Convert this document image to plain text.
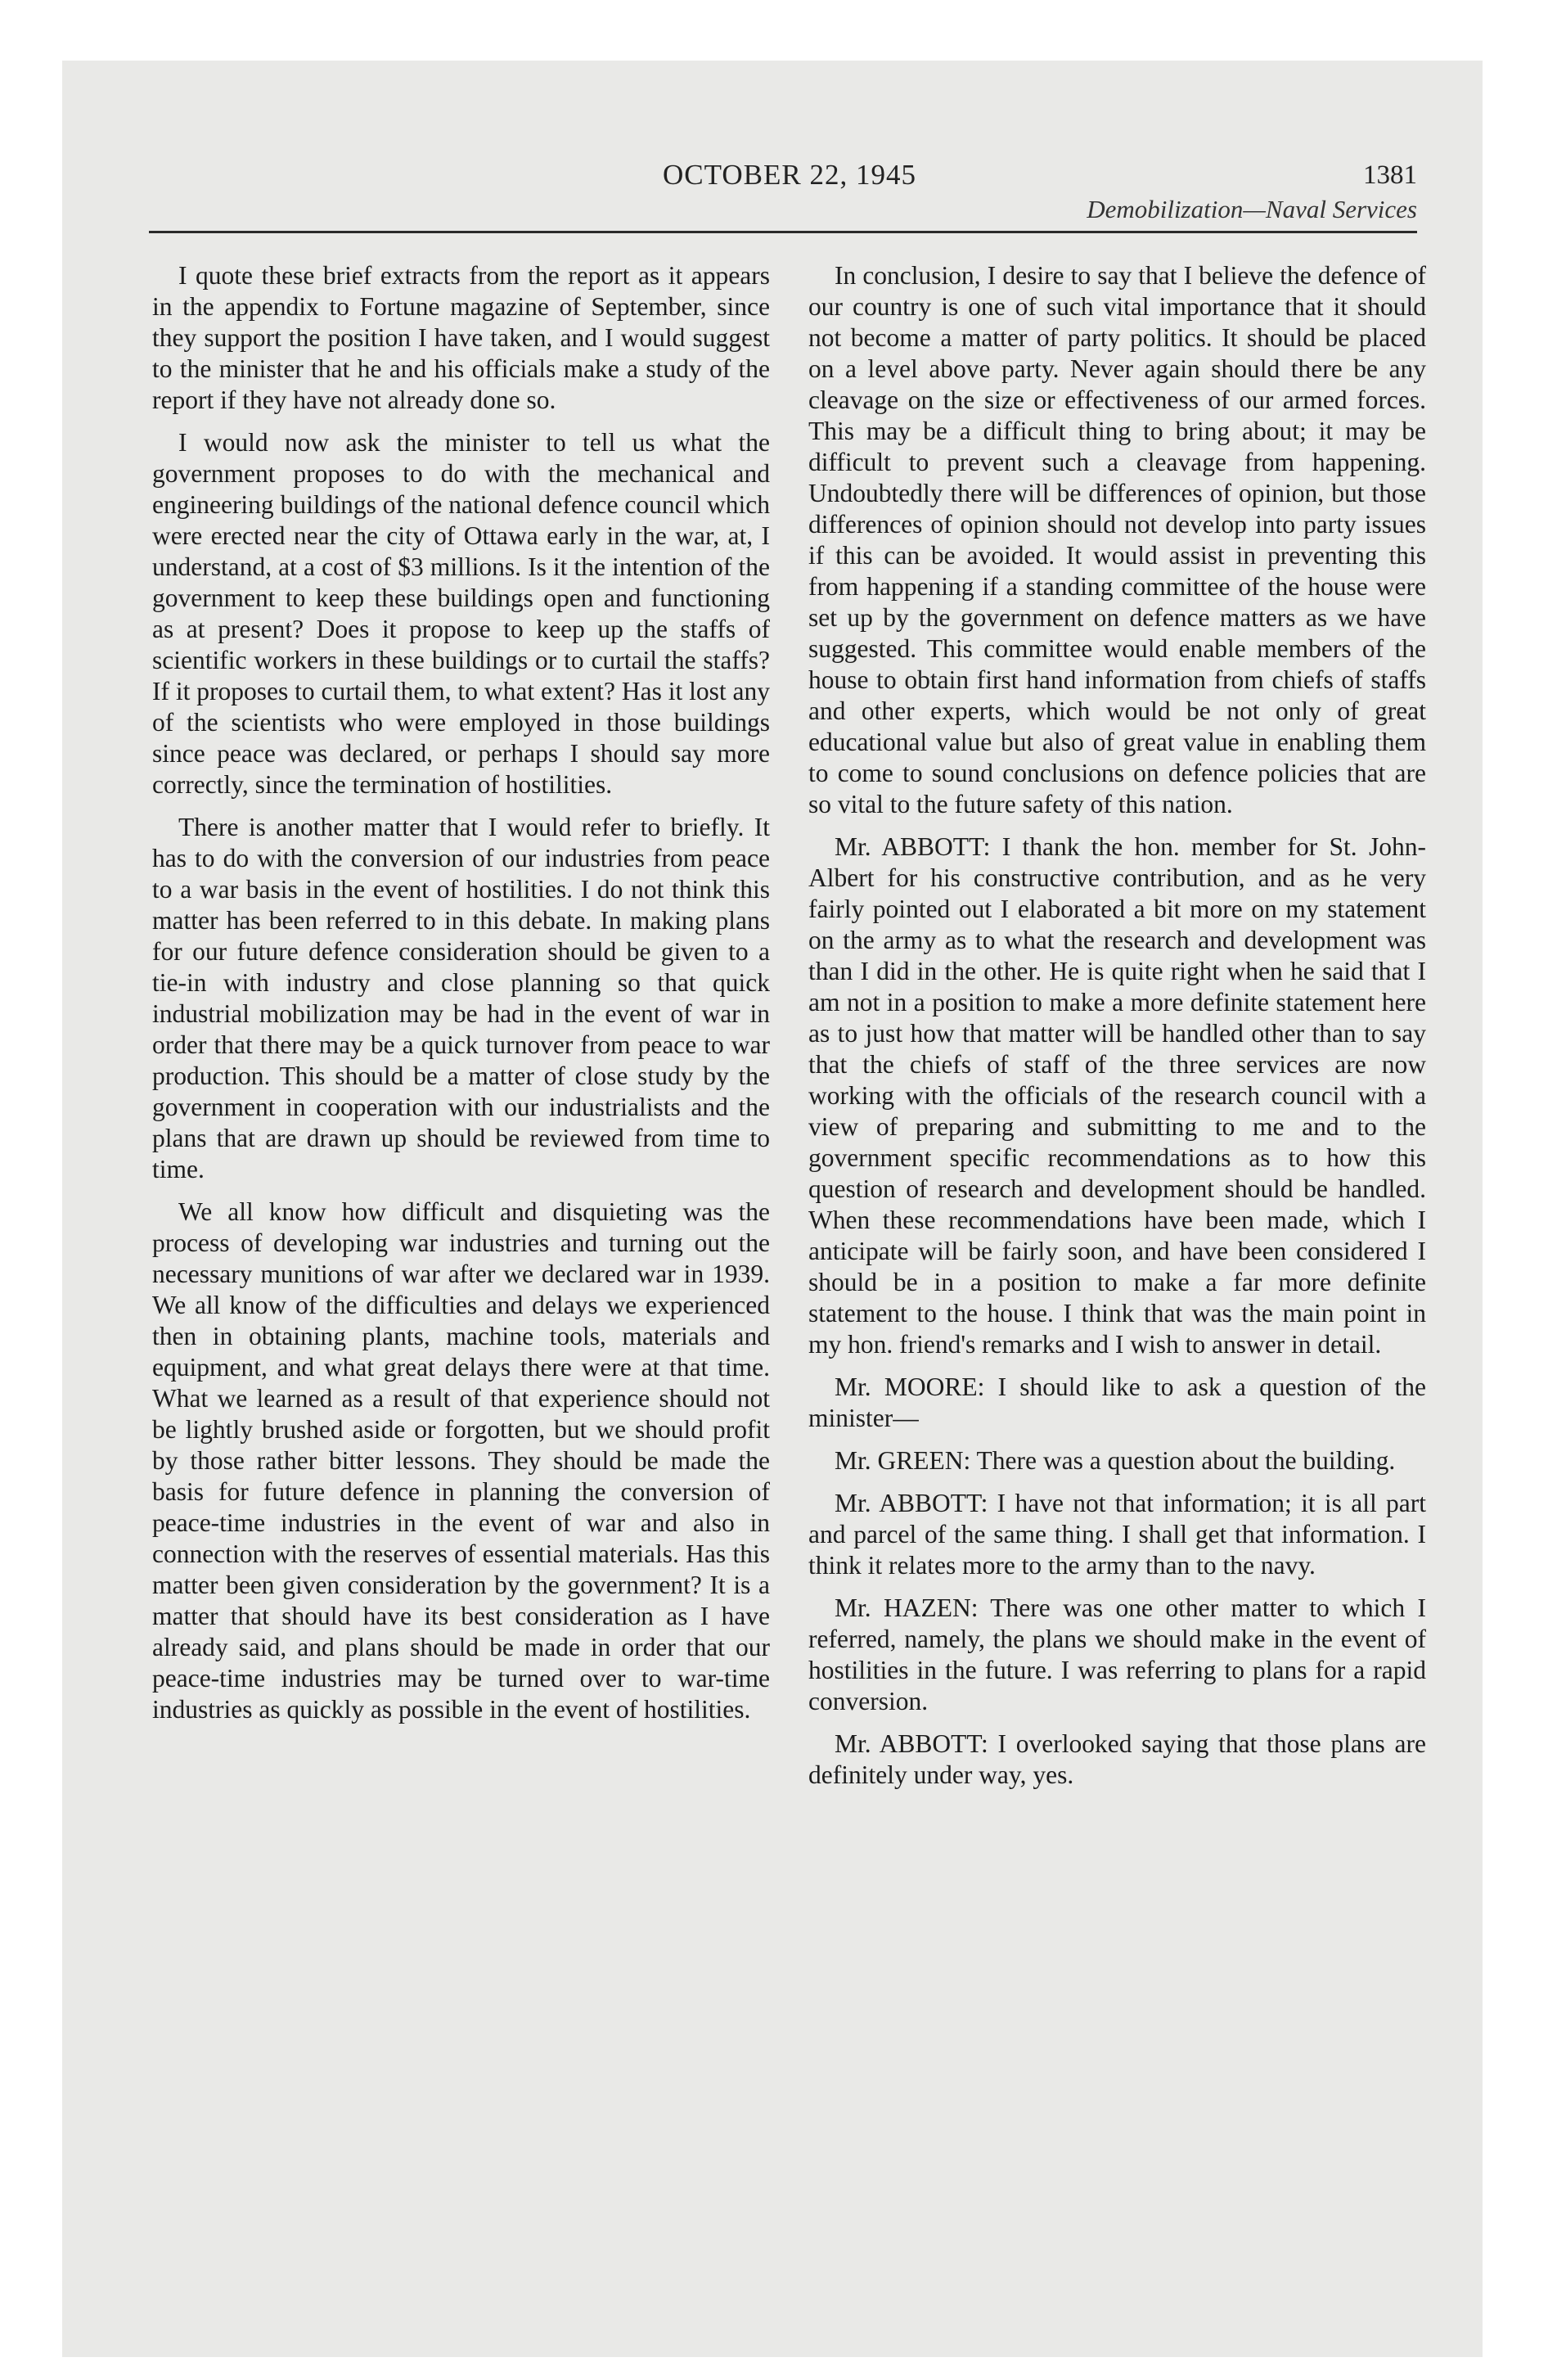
OCTOBER 22, 1945	1381
Demobilization—Naval Services

I quote these brief extracts from the report as it appears in the appendix to Fortune magazine of September, since they support the position I have taken, and I would suggest to the minister that he and his officials make a study of the report if they have not already done so.

I would now ask the minister to tell us what the government proposes to do with the mechanical and engineering buildings of the national defence council which were erected near the city of Ottawa early in the war, at, I understand, at a cost of $3 millions. Is it the intention of the government to keep these buildings open and functioning as at present? Does it propose to keep up the staffs of scientific workers in these buildings or to curtail the staffs? If it proposes to curtail them, to what extent? Has it lost any of the scientists who were employed in those buildings since peace was declared, or perhaps I should say more correctly, since the termination of hostilities.

There is another matter that I would refer to briefly. It has to do with the conversion of our industries from peace to a war basis in the event of hostilities. I do not think this matter has been referred to in this debate. In making plans for our future defence consideration should be given to a tie-in with industry and close planning so that quick industrial mobilization may be had in the event of war in order that there may be a quick turnover from peace to war production. This should be a matter of close study by the government in cooperation with our industrialists and the plans that are drawn up should be reviewed from time to time.

We all know how difficult and disquieting was the process of developing war industries and turning out the necessary munitions of war after we declared war in 1939. We all know of the difficulties and delays we experienced then in obtaining plants, machine tools, materials and equipment, and what great delays there were at that time. What we learned as a result of that experience should not be lightly brushed aside or forgotten, but we should profit by those rather bitter lessons. They should be made the basis for future defence in planning the conversion of peace-time industries in the event of war and also in connection with the reserves of essential materials. Has this matter been given consideration by the government? It is a matter that should have its best consideration as I have already said, and plans should be made in order that our peace-time industries may be turned over to war-time industries as quickly as possible in the event of hostilities.

In conclusion, I desire to say that I believe the defence of our country is one of such vital importance that it should not become a matter of party politics. It should be placed on a level above party. Never again should there be any cleavage on the size or effectiveness of our armed forces. This may be a difficult thing to bring about; it may be difficult to prevent such a cleavage from happening. Undoubtedly there will be differences of opinion, but those differences of opinion should not develop into party issues if this can be avoided. It would assist in preventing this from happening if a standing committee of the house were set up by the government on defence matters as we have suggested. This committee would enable members of the house to obtain first hand information from chiefs of staffs and other experts, which would be not only of great educational value but also of great value in enabling them to come to sound conclusions on defence policies that are so vital to the future safety of this nation.

Mr. ABBOTT: I thank the hon. member for St. John-Albert for his constructive contribution, and as he very fairly pointed out I elaborated a bit more on my statement on the army as to what the research and development was than I did in the other. He is quite right when he said that I am not in a position to make a more definite statement here as to just how that matter will be handled other than to say that the chiefs of staff of the three services are now working with the officials of the research council with a view of preparing and submitting to me and to the government specific recommendations as to how this question of research and development should be handled. When these recommendations have been made, which I anticipate will be fairly soon, and have been considered I should be in a position to make a far more definite statement to the house. I think that was the main point in my hon. friend's remarks and I wish to answer in detail.

Mr. MOORE: I should like to ask a question of the minister—

Mr. GREEN: There was a question about the building.

Mr. ABBOTT: I have not that information; it is all part and parcel of the same thing. I shall get that information. I think it relates more to the army than to the navy.

Mr. HAZEN: There was one other matter to which I referred, namely, the plans we should make in the event of hostilities in the future. I was referring to plans for a rapid conversion.

Mr. ABBOTT: I overlooked saying that those plans are definitely under way, yes.
